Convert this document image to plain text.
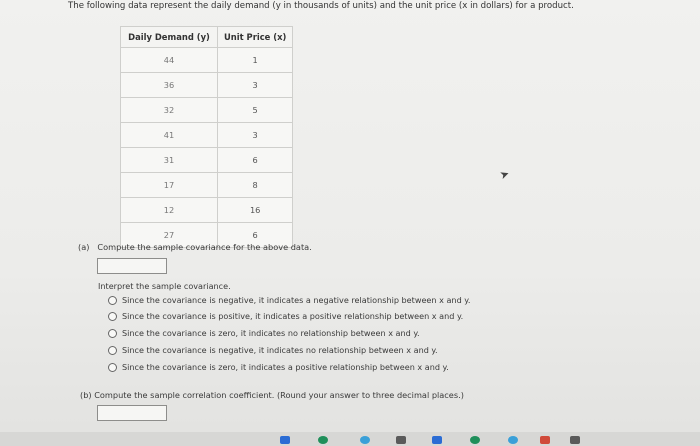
The following data represent the daily demand (y in thousands of units) and the unit price (x in dollars) for a product.
Daily Demand (y)	Unit Price (x)
44	1
36	3
32	5
41	3
31	6
17	8
12	16
27	6
➤
(a) Compute the sample covariance for the above data.
Interpret the sample covariance.
Since the covariance is negative, it indicates a negative relationship between x and y.
Since the covariance is positive, it indicates a positive relationship between x and y.
Since the covariance is zero, it indicates no relationship between x and y.
Since the covariance is negative, it indicates no relationship between x and y.
Since the covariance is zero, it indicates a positive relationship between x and y.
(b) Compute the sample correlation coefficient. (Round your answer to three decimal places.)
